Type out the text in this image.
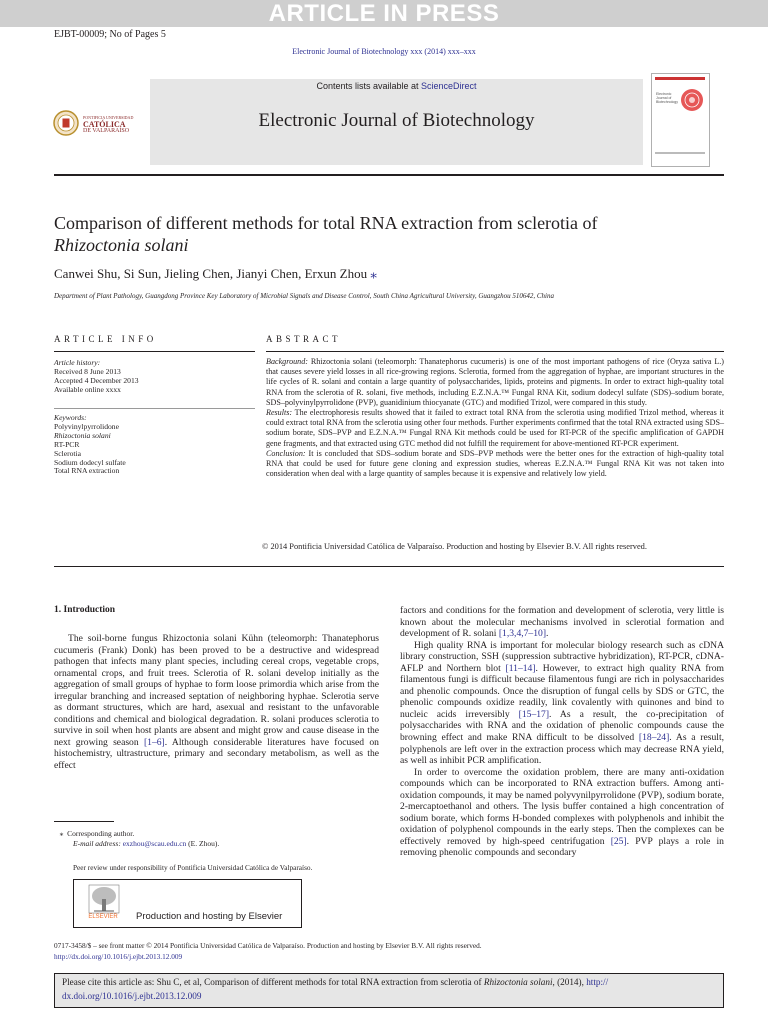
ARTICLE IN PRESS
EJBT-00009; No of Pages 5
Electronic Journal of Biotechnology xxx (2014) xxx–xxx
PONTIFICIA UNIVERSIDAD
CATÓLICA
DE VALPARAÍSO
Contents lists available at ScienceDirect
Electronic Journal of Biotechnology
Electronic
Journal of
Biotechnology
Comparison of different methods for total RNA extraction from sclerotia of
Rhizoctonia solani
Canwei Shu, Si Sun, Jieling Chen, Jianyi Chen, Erxun Zhou ⁎
Department of Plant Pathology, Guangdong Province Key Laboratory of Microbial Signals and Disease Control, South China Agricultural University, Guangzhou 510642, China
ARTICLE INFO
Article history:
Received 8 June 2013
Accepted 4 December 2013
Available online xxxx
Keywords:
Polyvinylpyrrolidone
Rhizoctonia solani
RT-PCR
Sclerotia
Sodium dodecyl sulfate
Total RNA extraction
ABSTRACT
Background: Rhizoctonia solani (teleomorph: Thanatephorus cucumeris) is one of the most important pathogens of rice (Oryza sativa L.) that causes severe yield losses in all rice-growing regions. Sclerotia, formed from the aggregation of hyphae, are important structures in the life cycles of R. solani and contain a large quantity of polysaccharides, lipids, proteins and pigments. In order to extract high-quality total RNA from the sclerotia of R. solani, five methods, including E.Z.N.A.™ Fungal RNA Kit, sodium dodecyl sulfate (SDS)–sodium borate, SDS–polyvinylpyrrolidone (PVP), guanidinium thiocyanate (GTC) and modified Trizol, were compared in this study.
Results: The electrophoresis results showed that it failed to extract total RNA from the sclerotia using modified Trizol method, whereas it could extract total RNA from the sclerotia using other four methods. Further experiments confirmed that the total RNA extracted using SDS–sodium borate, SDS–PVP and E.Z.N.A.™ Fungal RNA Kit methods could be used for RT-PCR of the specific amplification of GAPDH gene fragments, and that extracted using GTC method did not fulfill the requirement for above-mentioned RT-PCR experiment.
Conclusion: It is concluded that SDS–sodium borate and SDS–PVP methods were the better ones for the extraction of high-quality total RNA that could be used for future gene cloning and expression studies, whereas E.Z.N.A.™ Fungal RNA Kit was not taken into consideration when deal with a large quantity of samples because it is expensive and relatively low yield.
© 2014 Pontificia Universidad Católica de Valparaíso. Production and hosting by Elsevier B.V. All rights reserved.
1. Introduction

The soil-borne fungus Rhizoctonia solani Kühn (teleomorph: Thanatephorus cucumeris (Frank) Donk) has been proved to be a destructive and widespread pathogen that infects many plant species, including cereal crops, vegetable crops, ornamental crops, and fruit trees. Sclerotia of R. solani develop initially as the aggregation of small groups of hyphae to form loose primordia which arise from the irregular branching and increased septation of neighboring hyphae. Sclerotia serve as dormant structures, which are hard, asexual and resistant to the unfavorable conditions and chemical and biological degradation. R. solani produces sclerotia to survive in soil when host plants are absent and might grow and cause disease in the next growing season [1–6]. Although considerable literatures have focused on histochemistry, ultrastructure, primary and secondary metabolism, as well as the effect

⁎ Corresponding author.
E-mail address: exzhou@scau.edu.cn (E. Zhou).
Peer review under responsibility of Pontificia Universidad Católica de Valparaíso.
ELSEVIER	Production and hosting by Elsevier

factors and conditions for the formation and development of sclerotia, very little is known about the molecular mechanisms involved in sclerotial formation and development of R. solani [1,3,4,7–10].

High quality RNA is important for molecular biology research such as cDNA library construction, SSH (suppression subtractive hybridization), RT-PCR, cDNA-AFLP and Northern blot [11–14]. However, to extract high quality RNA from filamentous fungi is difficult because filamentous fungi are rich in polysaccharides and phenolic compounds. Once the disruption of fungal cells by SDS or GTC, the phenolic compounds oxidize readily, link covalently with quinones and bind to nucleic acids irreversibly [15–17]. As a result, the co-precipitation of polysaccharides with RNA and the oxidation of phenolic compounds cause the browning effect and make RNA difficult to be dissolved [18–24]. As a result, polyphenols are left over in the extraction process which may decrease RNA yield, as well as inhibit PCR amplification.

In order to overcome the oxidation problem, there are many anti-oxidation compounds which can be incorporated to RNA extraction buffers. Among anti-oxidation compounds, it may be named polyvynilpyrrolidone (PVP), sodium borate, 2-mercaptoethanol and others. The lysis buffer contained a high concentration of sodium borate, which forms H-bonded complexes with polyphenols and inhibit the oxidation of polyphenol compounds in the early steps. Then the complexes can be effectively removed by high-speed centrifugation [25]. PVP plays a role in removing phenolic compounds and secondary

0717-3458/$ – see front matter © 2014 Pontificia Universidad Católica de Valparaíso. Production and hosting by Elsevier B.V. All rights reserved.
http://dx.doi.org/10.1016/j.ejbt.2013.12.009
Please cite this article as: Shu C, et al, Comparison of different methods for total RNA extraction from sclerotia of Rhizoctonia solani, (2014), http://
dx.doi.org/10.1016/j.ejbt.2013.12.009
